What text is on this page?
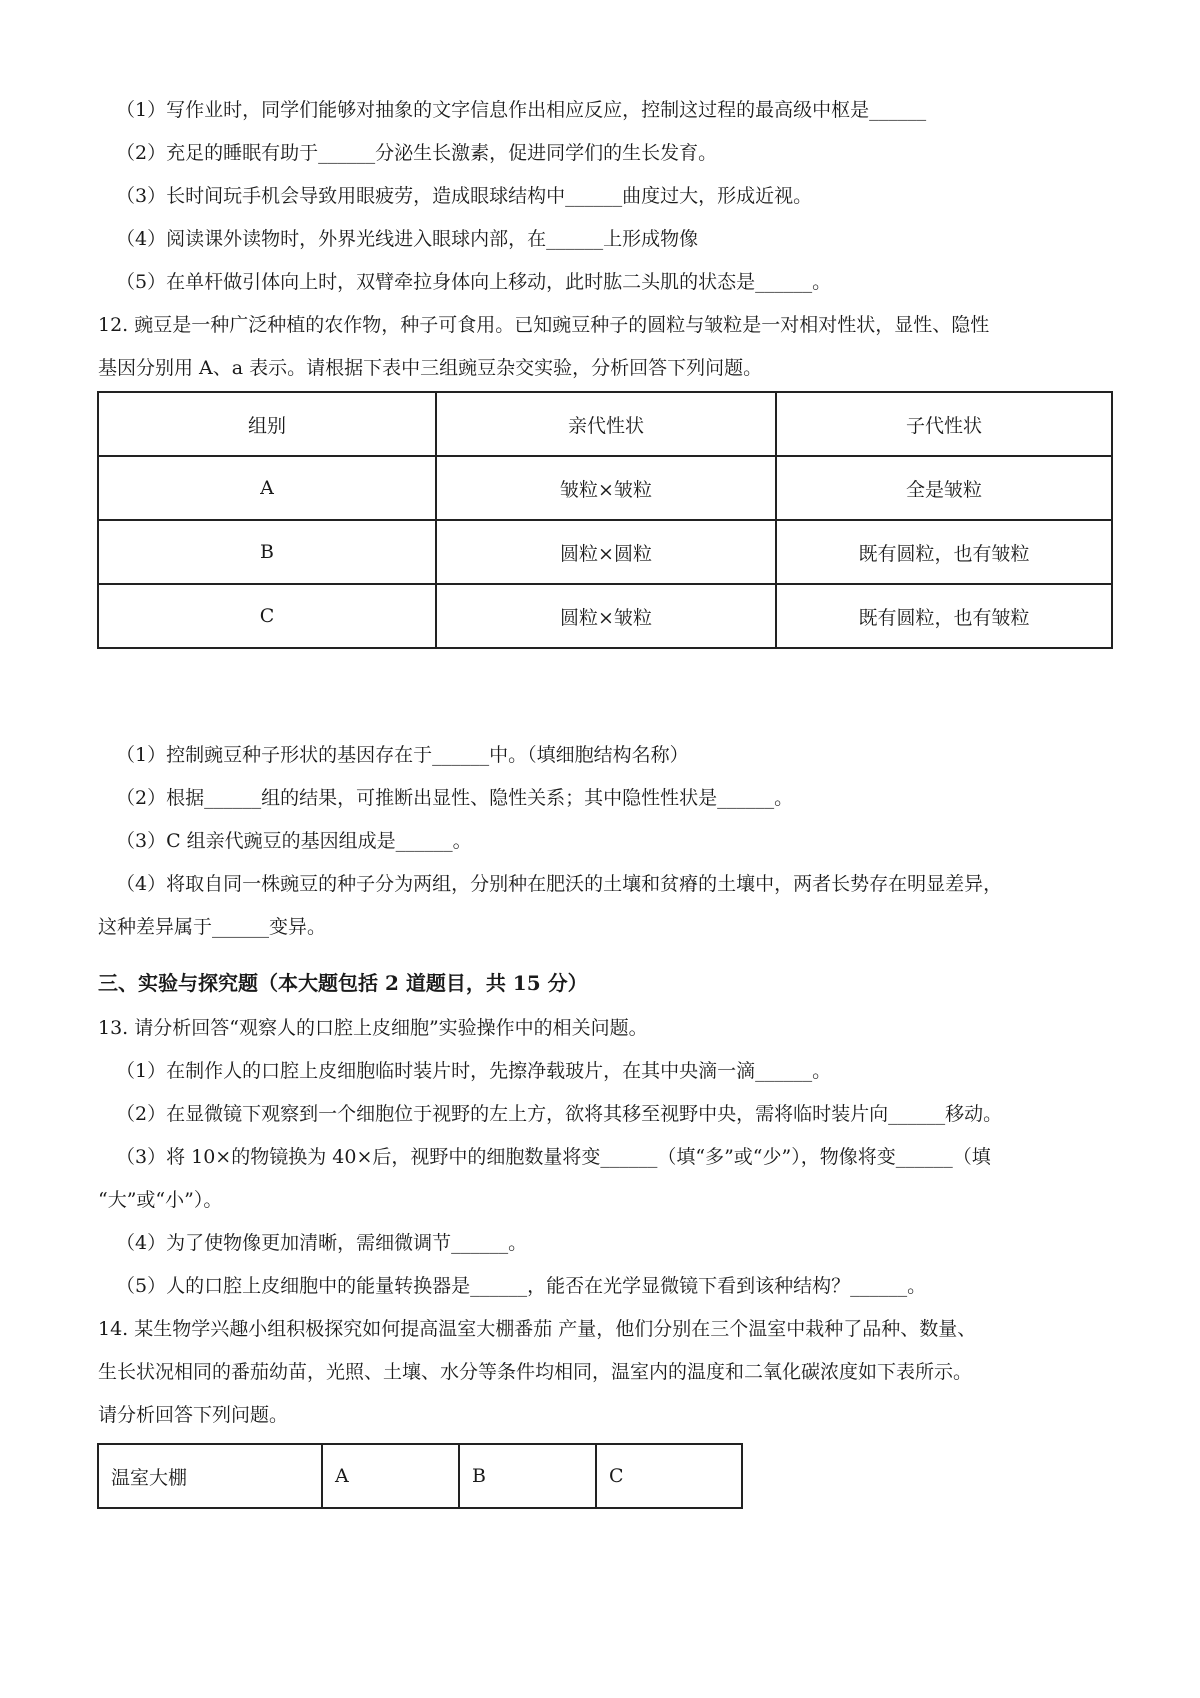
（1）写作业时，同学们能够对抽象的文字信息作出相应反应，控制这过程的最高级中枢是______
（2）充足的睡眠有助于______分泌生长激素，促进同学们的生长发育。
（3）长时间玩手机会导致用眼疲劳，造成眼球结构中______曲度过大，形成近视。
（4）阅读课外读物时，外界光线进入眼球内部，在______上形成物像
（5）在单杆做引体向上时，双臂牵拉身体向上移动，此时肱二头肌的状态是______。
12. 豌豆是一种广泛种植的农作物，种子可食用。已知豌豆种子的圆粒与皱粒是一对相对性状，显性、隐性
基因分别用 A、a 表示。请根据下表中三组豌豆杂交实验，分析回答下列问题。
组别	亲代性状	子代性状
A	皱粒×皱粒	全是皱粒
B	圆粒×圆粒	既有圆粒，也有皱粒
C	圆粒×皱粒	既有圆粒，也有皱粒
（1）控制豌豆种子形状的基因存在于______中。（填细胞结构名称）
（2）根据______组的结果，可推断出显性、隐性关系；其中隐性性状是______。
（3）C 组亲代豌豆的基因组成是______。
（4）将取自同一株豌豆的种子分为两组，分别种在肥沃的土壤和贫瘠的土壤中，两者长势存在明显差异，
这种差异属于______变异。
三、实验与探究题（本大题包括 2 道题目，共 15 分）
13. 请分析回答“观察人的口腔上皮细胞”实验操作中的相关问题。
（1）在制作人的口腔上皮细胞临时装片时，先擦净载玻片，在其中央滴一滴______。
（2）在显微镜下观察到一个细胞位于视野的左上方，欲将其移至视野中央，需将临时装片向______移动。
（3）将 10×的物镜换为 40×后，视野中的细胞数量将变______（填“多”或“少”），物像将变______（填
“大”或“小”）。
（4）为了使物像更加清晰，需细微调节______。
（5）人的口腔上皮细胞中的能量转换器是______，能否在光学显微镜下看到该种结构？______。
14. 某生物学兴趣小组积极探究如何提高温室大棚番茄 产量，他们分别在三个温室中栽种了品种、数量、
生长状况相同的番茄幼苗，光照、土壤、水分等条件均相同，温室内的温度和二氧化碳浓度如下表所示。
请分析回答下列问题。
温室大棚	A	B	C
